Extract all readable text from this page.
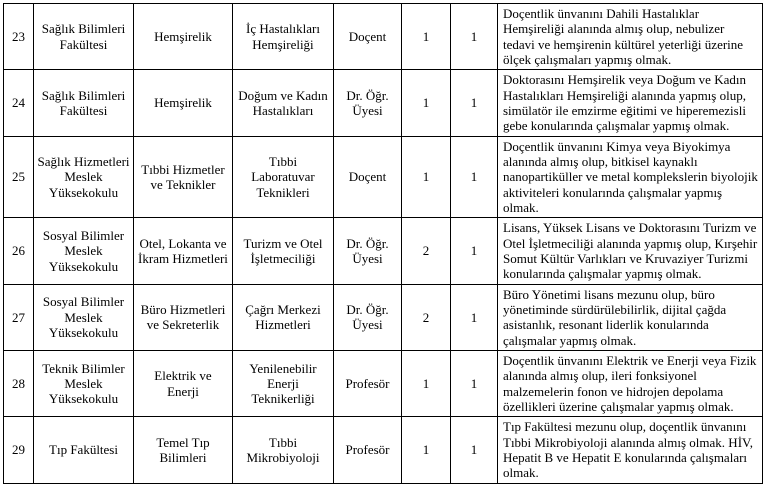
23	Sağlık Bilimleri Fakültesi	Hemşirelik	İç Hastalıkları Hemşireliği	Doçent	1	1	Doçentlik ünvanını Dahili Hastalıklar Hemşireliği alanında almış olup, nebulizer tedavi ve hemşirenin kültürel yeterliği üzerine ölçek çalışmaları yapmış olmak.
24	Sağlık Bilimleri Fakültesi	Hemşirelik	Doğum ve Kadın Hastalıkları	Dr. Öğr. Üyesi	1	1	Doktorasını Hemşirelik veya Doğum ve Kadın Hastalıkları Hemşireliği alanında yapmış olup, simülatör ile emzirme eğitimi ve hiperemezisli gebe konularında çalışmalar yapmış olmak.
25	Sağlık Hizmetleri Meslek Yüksekokulu	Tıbbi Hizmetler ve Teknikler	Tıbbi Laboratuvar Teknikleri	Doçent	1	1	Doçentlik ünvanını Kimya veya Biyokimya alanında almış olup, bitkisel kaynaklı nanopartiküller ve metal komplekslerin biyolojik aktiviteleri konularında çalışmalar yapmış olmak.
26	Sosyal Bilimler Meslek Yüksekokulu	Otel, Lokanta ve İkram Hizmetleri	Turizm ve Otel İşletmeciliği	Dr. Öğr. Üyesi	2	1	Lisans, Yüksek Lisans ve Doktorasını Turizm ve Otel İşletmeciliği alanında yapmış olup, Kırşehir Somut Kültür Varlıkları ve Kruvaziyer Turizmi konularında çalışmalar yapmış olmak.
27	Sosyal Bilimler Meslek Yüksekokulu	Büro Hizmetleri ve Sekreterlik	Çağrı Merkezi Hizmetleri	Dr. Öğr. Üyesi	2	1	Büro Yönetimi lisans mezunu olup, büro yönetiminde sürdürülebilirlik, dijital çağda asistanlık, resonant liderlik konularında çalışmalar yapmış olmak.
28	Teknik Bilimler Meslek Yüksekokulu	Elektrik ve Enerji	Yenilenebilir Enerji Teknikerliği	Profesör	1	1	Doçentlik ünvanını Elektrik ve Enerji veya Fizik alanında almış olup, ileri fonksiyonel malzemelerin fonon ve hidrojen depolama özellikleri üzerine çalışmalar yapmış olmak.
29	Tıp Fakültesi	Temel Tıp Bilimleri	Tıbbi Mikrobiyoloji	Profesör	1	1	Tıp Fakültesi mezunu olup, doçentlik ünvanını Tıbbi Mikrobiyoloji alanında almış olmak. HİV, Hepatit B ve Hepatit E konularında çalışmaları olmak.
